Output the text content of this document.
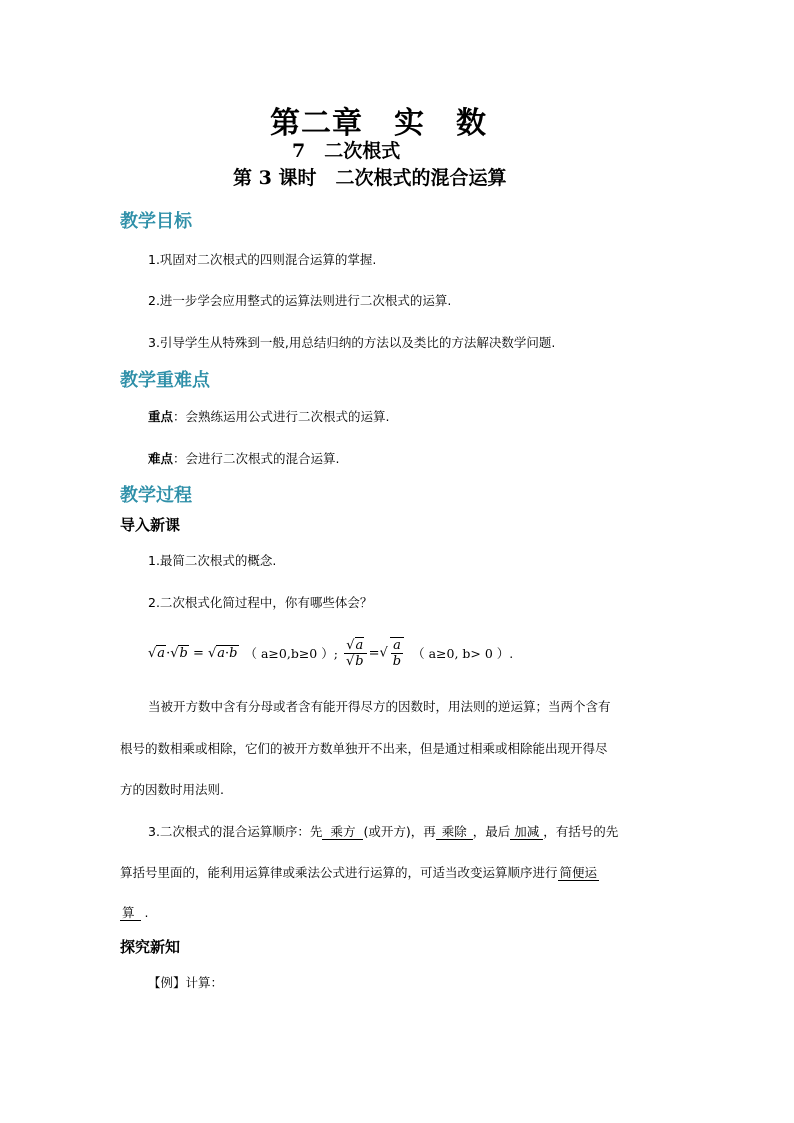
第二章　实　数
7　二次根式
第 3 课时　二次根式的混合运算
教学目标
1.巩固对二次根式的四则混合运算的掌握.
2.进一步学会应用整式的运算法则进行二次根式的运算.
3.引导学生从特殊到一般,用总结归纳的方法以及类比的方法解决数学问题.
教学重难点
重点：会熟练运用公式进行二次根式的运算.
难点：会进行二次根式的混合运算.
教学过程
导入新课
1.最简二次根式的概念.
2.二次根式化简过程中，你有哪些体会？
√a·√b = √a·b （ a≥0,b≥0 ）; $\frac{√a}{√b}$ = √ $\frac{a}{b}$ （ a≥0, b> 0 ）.
当被开方数中含有分母或者含有能开得尽方的因数时，用法则的逆运算；当两个含有
根号的数相乘或相除，它们的被开方数单独开不出来，但是通过相乘或相除能出现开得尽
方的因数时用法则.
3.二次根式的混合运算顺序：先 乘方 (或开方)，再 乘除 ，最后 加减 ，有括号的先
算括号里面的，能利用运算律或乘法公式进行运算的，可适当改变运算顺序进行 简便运
算 .
探究新知
【例】计算：
